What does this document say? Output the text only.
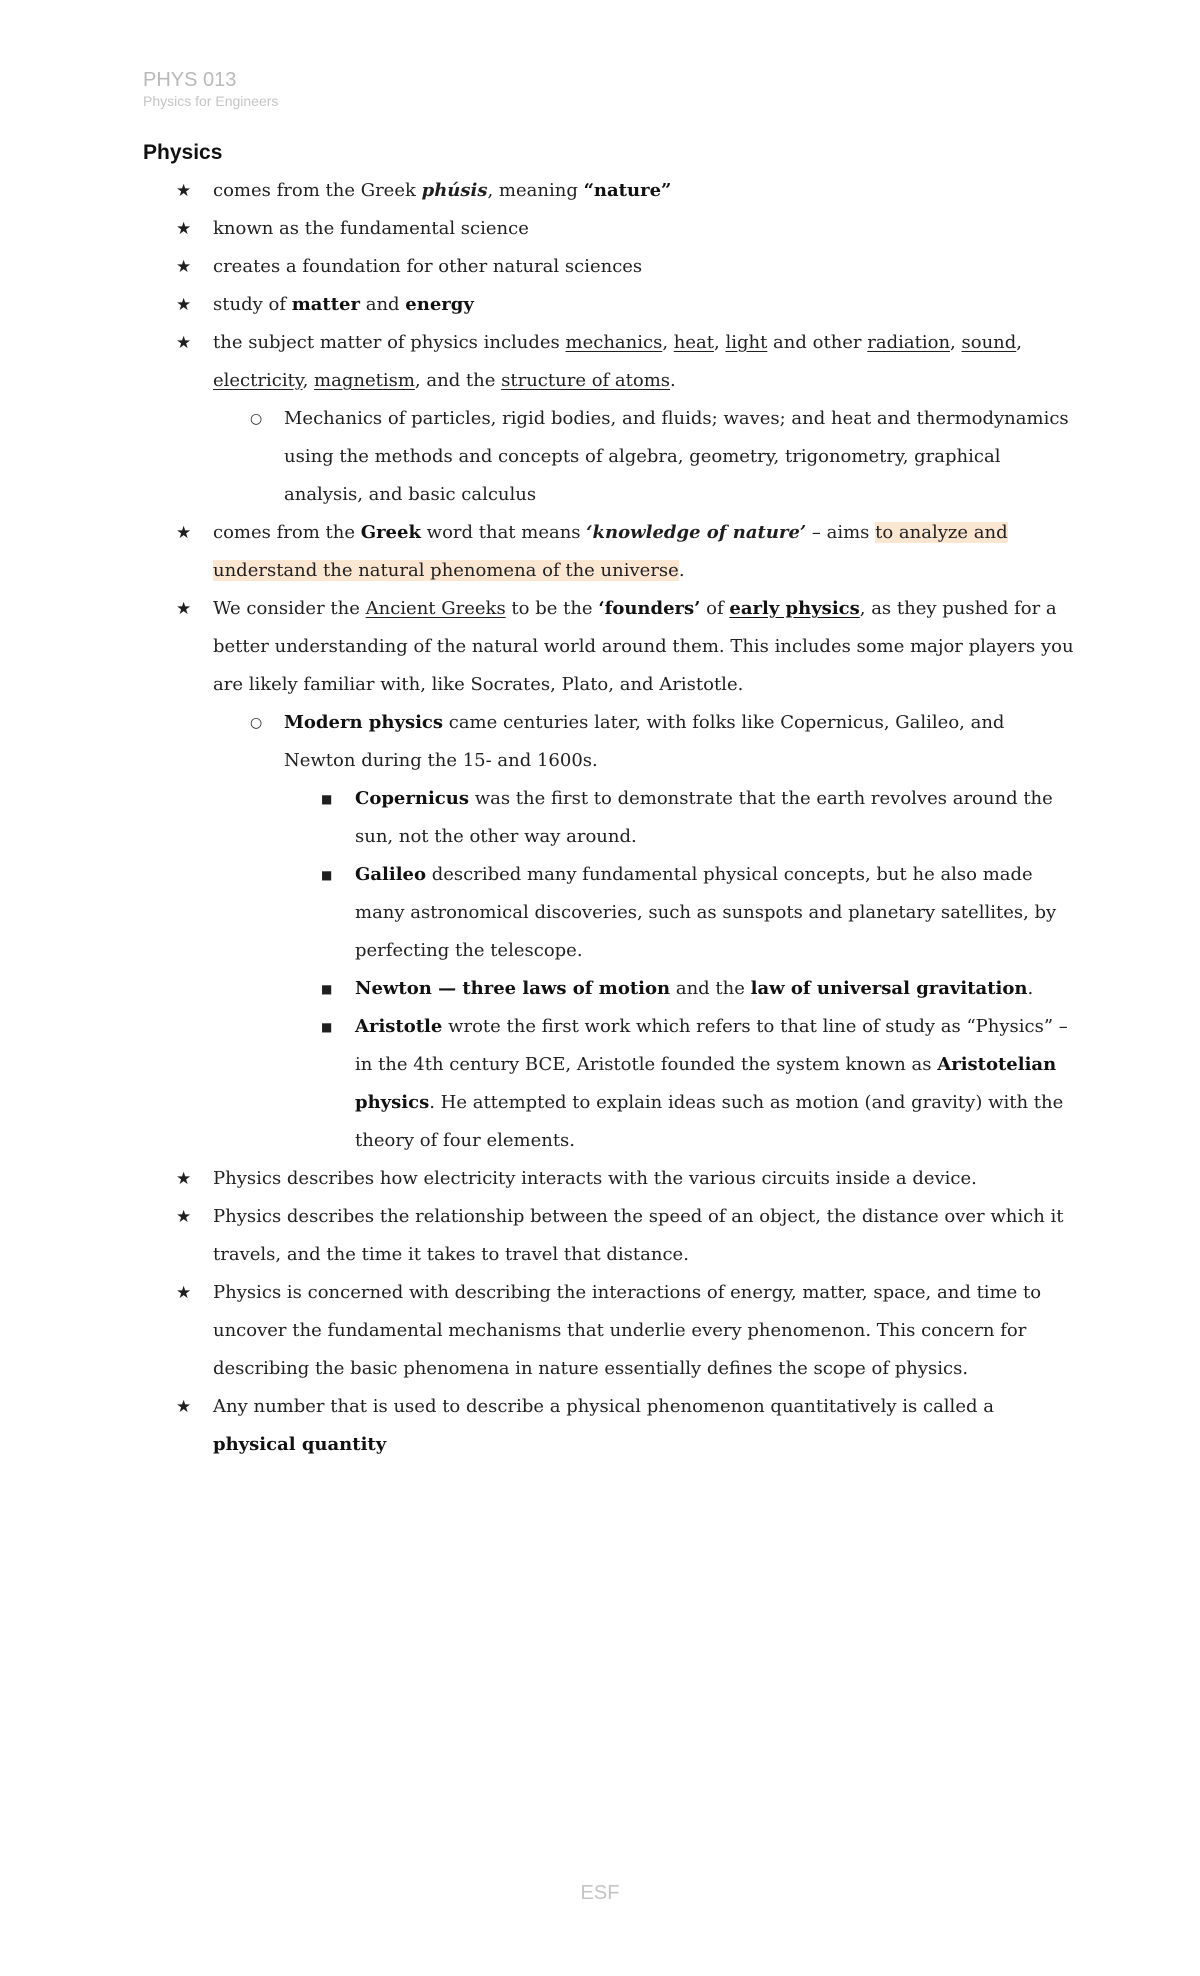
PHYS 013
Physics for Engineers
Physics
★ comes from the Greek phúsis, meaning “nature”
★ known as the fundamental science
★ creates a foundation for other natural sciences
★ study of matter and energy
★ the subject matter of physics includes mechanics, heat, light and other radiation, sound, electricity, magnetism, and the structure of atoms.
○ Mechanics of particles, rigid bodies, and fluids; waves; and heat and thermodynamics using the methods and concepts of algebra, geometry, trigonometry, graphical analysis, and basic calculus
★ comes from the Greek word that means ‘knowledge of nature’ – aims to analyze and understand the natural phenomena of the universe.
★ We consider the Ancient Greeks to be the ‘founders’ of early physics, as they pushed for a better understanding of the natural world around them. This includes some major players you are likely familiar with, like Socrates, Plato, and Aristotle.
○ Modern physics came centuries later, with folks like Copernicus, Galileo, and Newton during the 15- and 1600s.
■ Copernicus was the first to demonstrate that the earth revolves around the sun, not the other way around.
■ Galileo described many fundamental physical concepts, but he also made many astronomical discoveries, such as sunspots and planetary satellites, by perfecting the telescope.
■ Newton — three laws of motion and the law of universal gravitation.
■ Aristotle wrote the first work which refers to that line of study as “Physics” – in the 4th century BCE, Aristotle founded the system known as Aristotelian physics. He attempted to explain ideas such as motion (and gravity) with the theory of four elements.
★ Physics describes how electricity interacts with the various circuits inside a device.
★ Physics describes the relationship between the speed of an object, the distance over which it travels, and the time it takes to travel that distance.
★ Physics is concerned with describing the interactions of energy, matter, space, and time to uncover the fundamental mechanisms that underlie every phenomenon. This concern for describing the basic phenomena in nature essentially defines the scope of physics.
★ Any number that is used to describe a physical phenomenon quantitatively is called a physical quantity
ESF
